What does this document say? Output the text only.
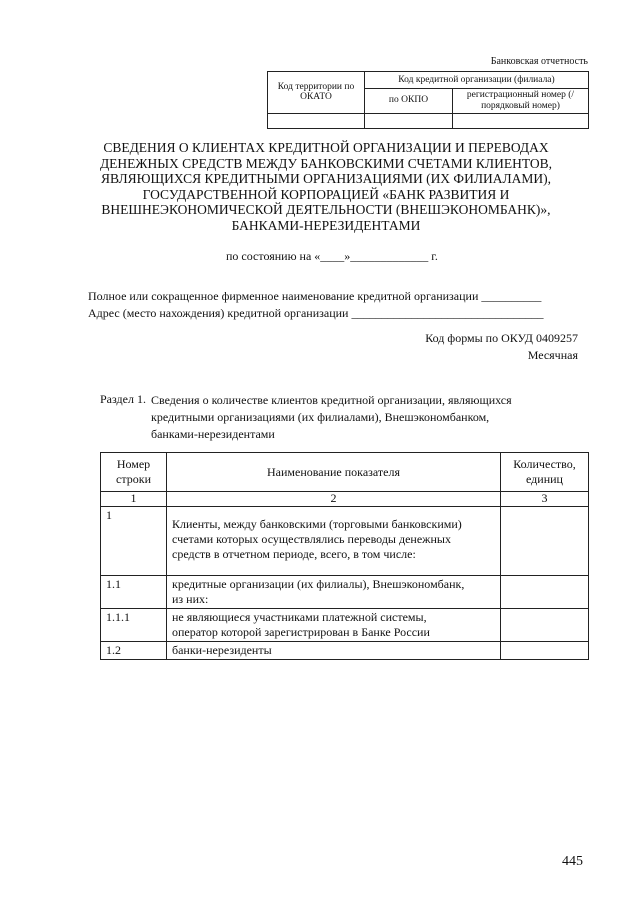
Банковская отчетность
Код территории по ОКАТО	Код кредитной организации (филиала)	
	по ОКПО	регистрационный номер (/порядковый номер)

СВЕДЕНИЯ О КЛИЕНТАХ КРЕДИТНОЙ ОРГАНИЗАЦИИ И ПЕРЕВОДАХ
ДЕНЕЖНЫХ СРЕДСТВ МЕЖДУ БАНКОВСКИМИ СЧЕТАМИ КЛИЕНТОВ,
ЯВЛЯЮЩИХСЯ КРЕДИТНЫМИ ОРГАНИЗАЦИЯМИ (ИХ ФИЛИАЛАМИ),
ГОСУДАРСТВЕННОЙ КОРПОРАЦИЕЙ «БАНК РАЗВИТИЯ И
ВНЕШНЕЭКОНОМИЧЕСКОЙ ДЕЯТЕЛЬНОСТИ (ВНЕШЭКОНОМБАНК)»,
БАНКАМИ-НЕРЕЗИДЕНТАМИ
по состоянию на «____»_____________ г.
Полное или сокращенное фирменное наименование кредитной организации __________
Адрес (место нахождения) кредитной организации ________________________________
Код формы по ОКУД 0409257
Месячная
Раздел 1. Сведения о количестве клиентов кредитной организации, являющихся
кредитными организациями (их филиалами), Внешэкономбанком,
банками-нерезидентами
Номер строки	Наименование показателя	Количество, единиц
1	2	3
1	Клиенты, между банковскими (торговыми банковскими)

счетами которых осуществлялись переводы денежных

средств в отчетном периоде, всего, в том числе:	

1.1	кредитные организации (их филиалы), Внешэкономбанк,

из них:	

1.1.1	не являющиеся участниками платежной системы,

оператор которой зарегистрирован в Банке России	

1.2	банки-нерезиденты	

445
